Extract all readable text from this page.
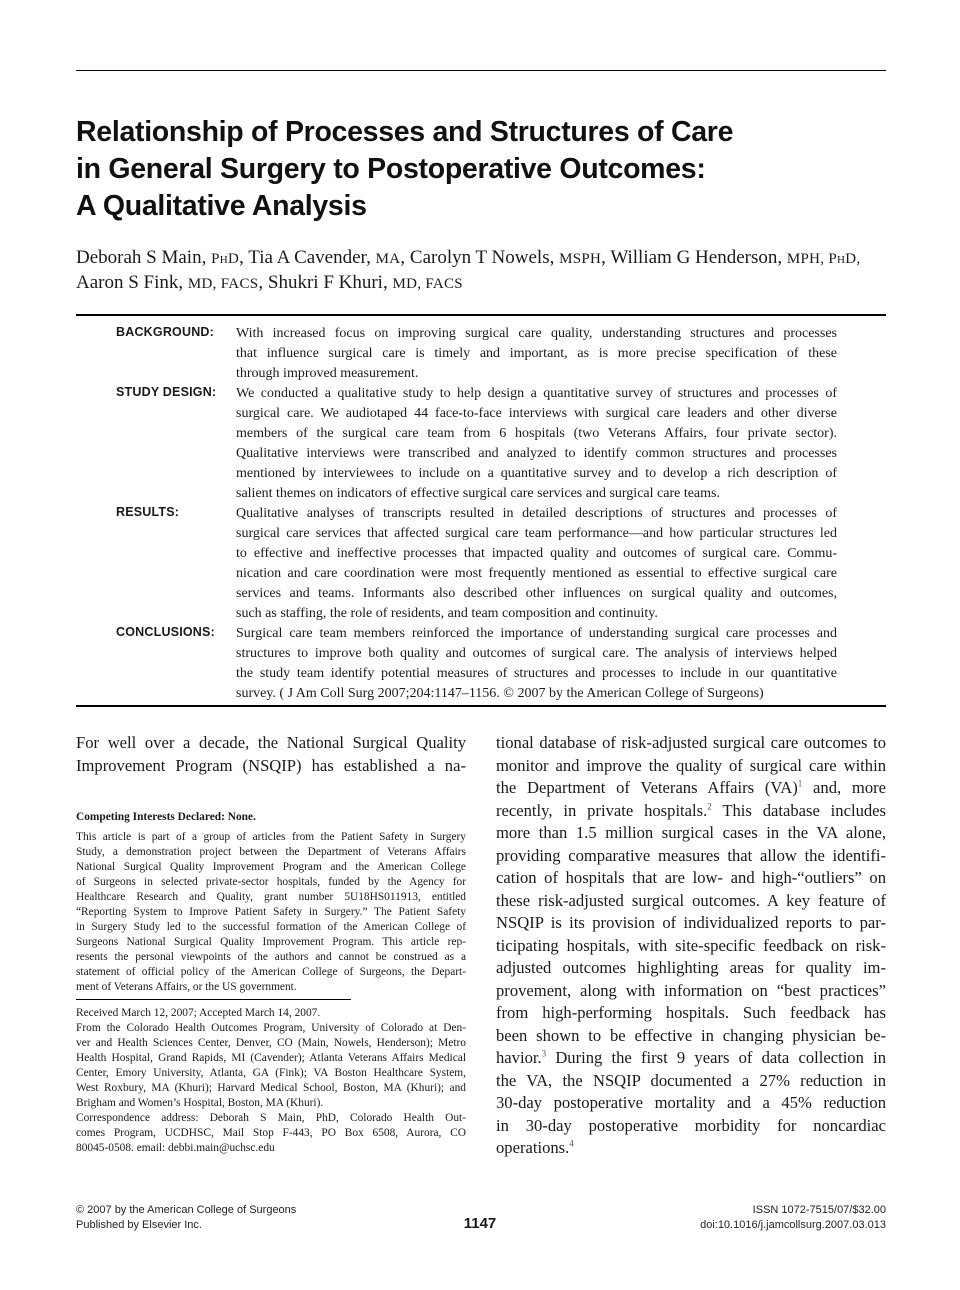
Relationship of Processes and Structures of Care
in General Surgery to Postoperative Outcomes:
A Qualitative Analysis
Deborah S Main, PhD, Tia A Cavender, MA, Carolyn T Nowels, MSPH, William G Henderson, MPH, PhD,
Aaron S Fink, MD, FACS, Shukri F Khuri, MD, FACS
BACKGROUND: With increased focus on improving surgical care quality, understanding structures and processes
that influence surgical care is timely and important, as is more precise specification of these
through improved measurement.
STUDY DESIGN: We conducted a qualitative study to help design a quantitative survey of structures and processes of
surgical care. We audiotaped 44 face-to-face interviews with surgical care leaders and other diverse
members of the surgical care team from 6 hospitals (two Veterans Affairs, four private sector).
Qualitative interviews were transcribed and analyzed to identify common structures and processes
mentioned by interviewees to include on a quantitative survey and to develop a rich description of
salient themes on indicators of effective surgical care services and surgical care teams.
RESULTS:	Qualitative analyses of transcripts resulted in detailed descriptions of structures and processes of
surgical care services that affected surgical care team performance—and how particular structures led
to effective and ineffective processes that impacted quality and outcomes of surgical care. Commu-
nication and care coordination were most frequently mentioned as essential to effective surgical care
services and teams. Informants also described other influences on surgical quality and outcomes,
such as staffing, the role of residents, and team composition and continuity.
CONCLUSIONS: Surgical care team members reinforced the importance of understanding surgical care processes and
structures to improve both quality and outcomes of surgical care. The analysis of interviews helped
the study team identify potential measures of structures and processes to include in our quantitative
survey. ( J Am Coll Surg 2007;204:1147–1156. © 2007 by the American College of Surgeons)
For well over a decade, the National Surgical Quality
Improvement Program (NSQIP) has established a na-
Competing Interests Declared: None.
This article is part of a group of articles from the Patient Safety in Surgery
Study, a demonstration project between the Department of Veterans Affairs
National Surgical Quality Improvement Program and the American College
of Surgeons in selected private-sector hospitals, funded by the Agency for
Healthcare Research and Quality, grant number 5U18HS011913, entitled
“Reporting System to Improve Patient Safety in Surgery.” The Patient Safety
in Surgery Study led to the successful formation of the American College of
Surgeons National Surgical Quality Improvement Program. This article rep-
resents the personal viewpoints of the authors and cannot be construed as a
statement of official policy of the American College of Surgeons, the Depart-
ment of Veterans Affairs, or the US government.
Received March 12, 2007; Accepted March 14, 2007.
From the Colorado Health Outcomes Program, University of Colorado at Den-
ver and Health Sciences Center, Denver, CO (Main, Nowels, Henderson); Metro
Health Hospital, Grand Rapids, MI (Cavender); Atlanta Veterans Affairs Medical
Center, Emory University, Atlanta, GA (Fink); VA Boston Healthcare System,
West Roxbury, MA (Khuri); Harvard Medical School, Boston, MA (Khuri); and
Brigham and Women’s Hospital, Boston, MA (Khuri).
Correspondence address: Deborah S Main, PhD, Colorado Health Out-
comes Program, UCDHSC, Mail Stop F-443, PO Box 6508, Aurora, CO
80045-0508. email: debbi.main@uchsc.edu
tional database of risk-adjusted surgical care outcomes to
monitor and improve the quality of surgical care within
the Department of Veterans Affairs (VA)$^1$ and, more
recently, in private hospitals.$^2$ This database includes
more than 1.5 million surgical cases in the VA alone,
providing comparative measures that allow the identifi-
cation of hospitals that are low- and high-“outliers” on
these risk-adjusted surgical outcomes. A key feature of
NSQIP is its provision of individualized reports to par-
ticipating hospitals, with site-specific feedback on risk-
adjusted outcomes highlighting areas for quality im-
provement, along with information on “best practices”
from high-performing hospitals. Such feedback has
been shown to be effective in changing physician be-
havior.$^3$ During the first 9 years of data collection in
the VA, the NSQIP documented a 27% reduction in
30-day postoperative mortality and a 45% reduction
in 30-day postoperative morbidity for noncardiac
operations.$^4$
© 2007 by the American College of Surgeons
Published by Elsevier Inc.	1147
ISSN 1072-7515/07/$32.00
doi:10.1016/j.jamcollsurg.2007.03.013
